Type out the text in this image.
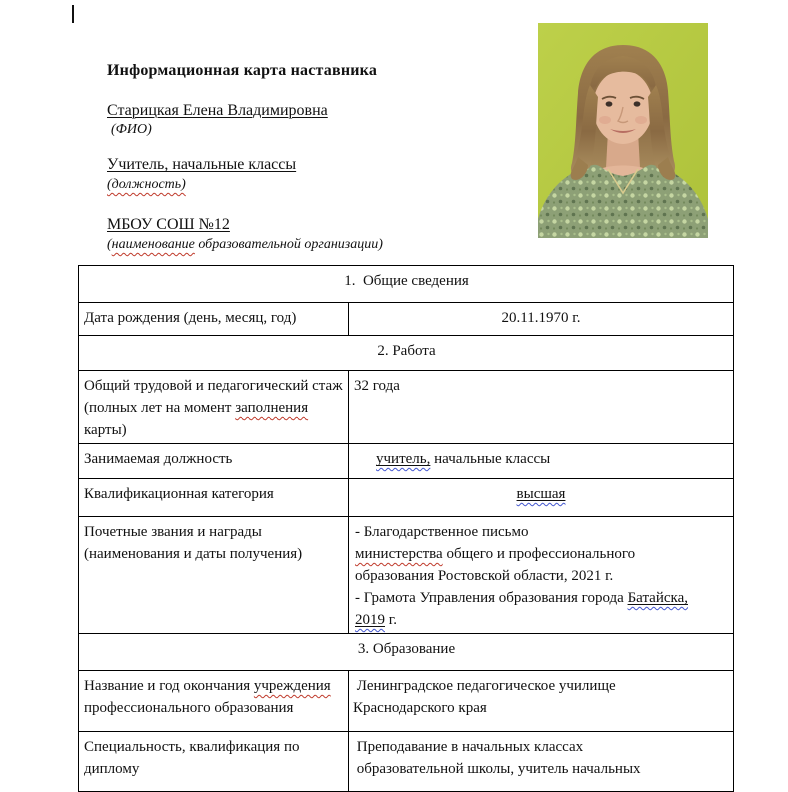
Информационная карта наставника
Старицкая Елена Владимировна
(ФИО)
Учитель, начальные классы
(должность)
МБОУ СОШ №12
(наименование образовательной организации)
1.  Общие сведения	
Дата рождения (день, месяц, год)	20.11.1970 г.
2. Работа	
Общий трудовой и педагогический стаж (полных лет на момент заполнения карты)	32 года
Занимаемая должность	учитель, начальные классы
Квалификационная категория	высшая
Почетные звания и награды (наименования и даты получения)	- Благодарственное письмо
министерства общего и профессионального
образования Ростовской области, 2021 г.
- Грамота Управления образования города Батайска,
2019 г.
3. Образование	
Название и год окончания учреждения профессионального образования	Ленинградское педагогическое училище
Краснодарского края
Специальность, квалификация по диплому	Преподавание в начальных классах
образовательной школы, учитель начальных
